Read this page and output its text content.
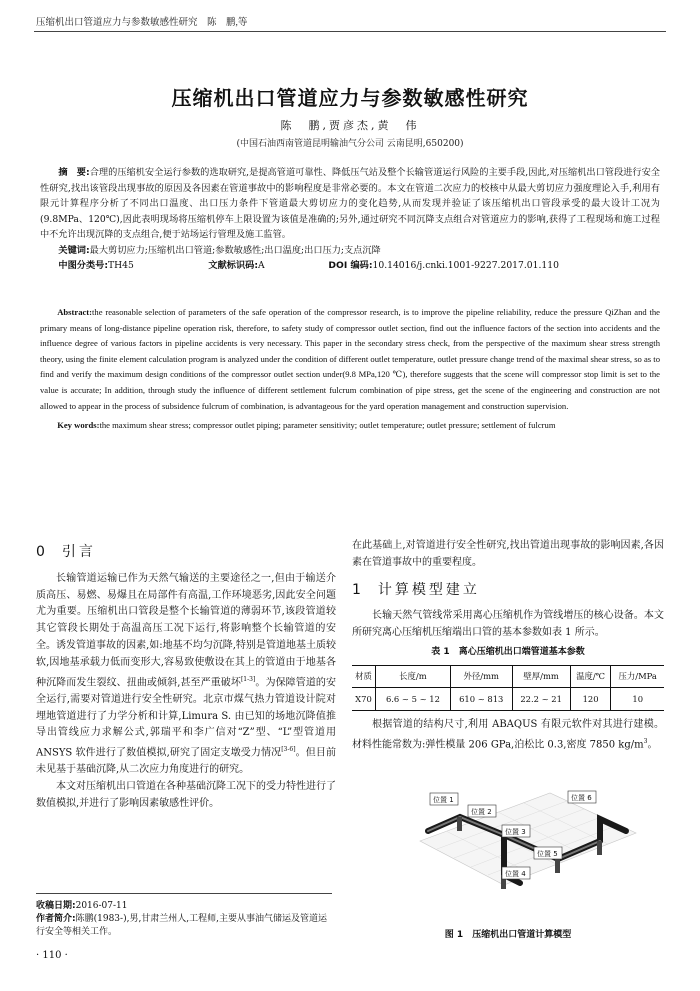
压缩机出口管道应力与参数敏感性研究　 陈　鹏,等
压缩机出口管道应力与参数敏感性研究
陈　鹏,贾彦杰,黄　伟
(中国石油西南管道昆明输油气分公司 云南昆明,650200)

摘　要:合理的压缩机安全运行参数的选取研究,是提高管道可靠性、降低压气站及整个长输管道运行风险的主要手段,因此,对压缩机出口管段进行安全性研究,找出该管段出现事故的原因及各因素在管道事故中的影响程度是非常必要的。本文在管道二次应力的校核中从最大剪切应力强度理论入手,利用有限元计算程序分析了不同出口温度、出口压力条件下管道最大剪切应力的变化趋势,从而发现并验证了该压缩机出口管段承受的最大设计工况为(9.8MPa、120℃),因此表明现场将压缩机停车上限设置为该值是准确的;另外,通过研究不同沉降支点组合对管道应力的影响,获得了工程现场和施工过程中不允许出现沉降的支点组合,便于站场运行管理及施工监管。

关键词:最大剪切应力;压缩机出口管道;参数敏感性;出口温度;出口压力;支点沉降

中图分类号:TH45	文献标识码:A	DOI 编码:10.14016/j.cnki.1001-9227.2017.01.110

Abstract:the reasonable selection of parameters of the safe operation of the compressor research, is to improve the pipeline reliability, reduce the pressure QiZhan and the primary means of long-distance pipeline operation risk, therefore, to safety study of compressor outlet section, find out the influence factors of the section into accidents and the influence degree of various factors in pipeline accidents is very necessary. This paper in the secondary stress check, from the perspective of the maximum shear stress strength theory, using the finite element calculation program is analyzed under the condition of different outlet temperature, outlet pressure change trend of the maximal shear stress, so as to find and verify the maximum design conditions of the compressor outlet section under(9.8 MPa,120 ℃), therefore suggests that the scene will compressor stop limit is set to the value is accurate; In addition, through study the influence of different settlement fulcrum combination of pipe stress, get the scene of the engineering and construction are not allowed to appear in the process of subsidence fulcrum of combination, is advantageous for the yard operation management and construction supervision.

Key words:the maximum shear stress; compressor outlet piping; parameter sensitivity; outlet temperature; outlet pressure; settlement of fulcrum

0 引言

长输管道运输已作为天然气输送的主要途径之一,但由于输送介质高压、易燃、易爆且在局部件有高温,工作环境恶劣,因此安全问题尤为重要。压缩机出口管段是整个长输管道的薄弱环节,该段管道较其它管段长期处于高温高压工况下运行,将影响整个长输管道的安全。诱发管道事故的因素,如:地基不均匀沉降,特别是管道地基土质较软,因地基承载力低而变形大,容易致使敷设在其上的管道由于地基各种沉降而发生裂纹、扭曲或倾斜,甚至严重破坏[1-3]。为保障管道的安全运行,需要对管道进行安全性研究。北京市煤气热力管道设计院对埋地管道进行了力学分析和计算,Limura S. 由已知的场地沉降值推导出管线应力求解公式,郭瑞平和李广信对“Z”型、“L”型管道用 ANSYS 软件进行了数值模拟,研究了固定支墩受力情况[3-6]。但目前未见基于基础沉降,从二次应力角度进行的研究。

本文对压缩机出口管道在各种基础沉降工况下的受力特性进行了数值模拟,并进行了影响因素敏感性评价。

在此基础上,对管道进行安全性研究,找出管道出现事故的影响因素,各因素在管道事故中的重要程度。

1 计算模型建立

长输天然气管线常采用离心压缩机作为管线增压的核心设备。本文所研究离心压缩机压缩端出口管的基本参数如表 1 所示。

表 1　离心压缩机出口端管道基本参数
材质	长度/m	外径/mm	壁厚/mm	温度/℃	压力/MPa
X70	6.6 ~ 5 ~ 12	610 ~ 813	22.2 ~ 21	120	10

根据管道的结构尺寸,利用 ABAQUS 有限元软件对其进行建模。材料性能常数为:弹性模量 206 GPa,泊松比 0.3,密度 7850 $kg/m^3$。

位置 1
位置 2
位置 3
位置 4
位置 5
位置 6
图 1　压缩机出口管道计算模型
收稿日期:2016-07-11
作者简介:陈鹏(1983-),男,甘肃兰州人,工程师,主要从事油气储运及管道运行安全等相关工作。
· 110 ·
